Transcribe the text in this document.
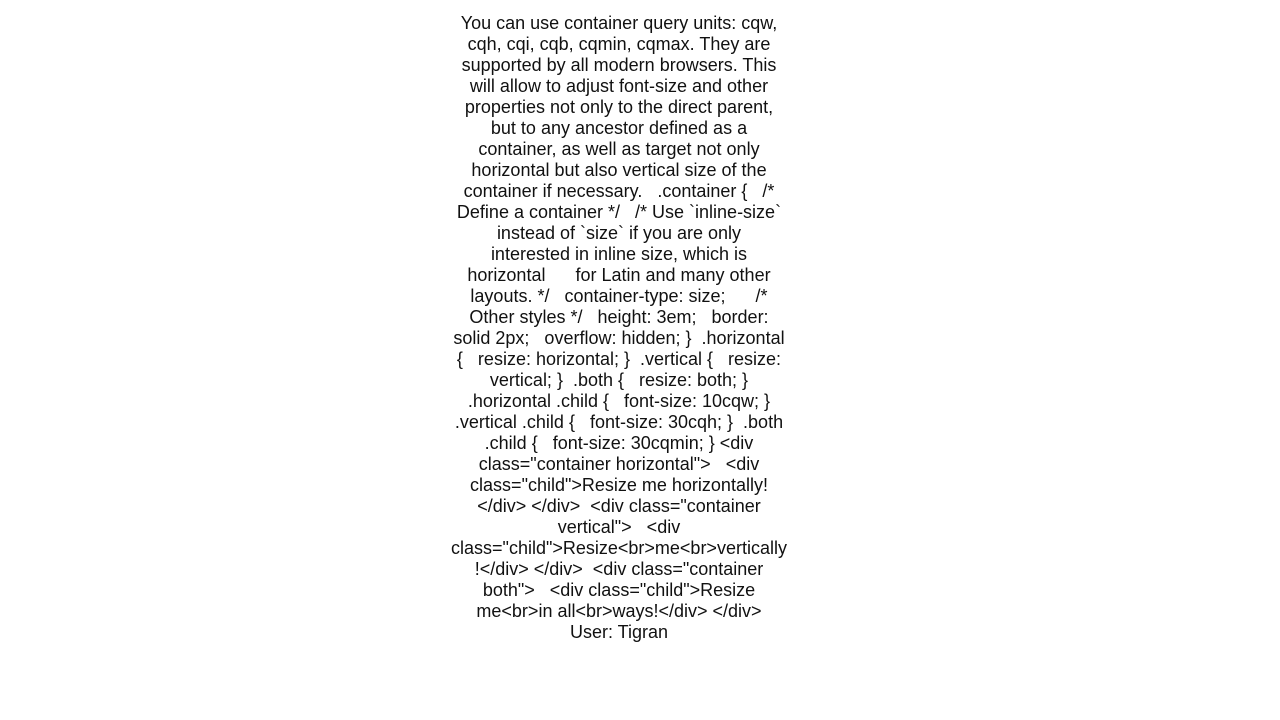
You can use container query units: cqw, cqh, cqi, cqb, cqmin, cqmax. They are supported by all modern browsers. This will allow to adjust font-size and other properties not only to the direct parent, but to any ancestor defined as a container, as well as target not only horizontal but also vertical size of the container if necessary.   .container {   /* Define a container */   /* Use `inline-size` instead of `size` if you are only      interested in inline size, which is horizontal      for Latin and many other layouts. */   container-type: size;      /* Other styles */   height: 3em;   border: solid 2px;   overflow: hidden; }  .horizontal {   resize: horizontal; }  .vertical {   resize: vertical; }  .both {   resize: both; }  .horizontal .child {   font-size: 10cqw; }  .vertical .child {   font-size: 30cqh; }  .both .child {   font-size: 30cqmin; } <div class="container horizontal">   <div class="child">Resize me horizontally!</div> </div>  <div class="container vertical">   <div class="child">Resize<br>me<br>vertically!</div> </div>  <div class="container both">   <div class="child">Resize me<br>in all<br>ways!</div> </div>     User: Tigran
